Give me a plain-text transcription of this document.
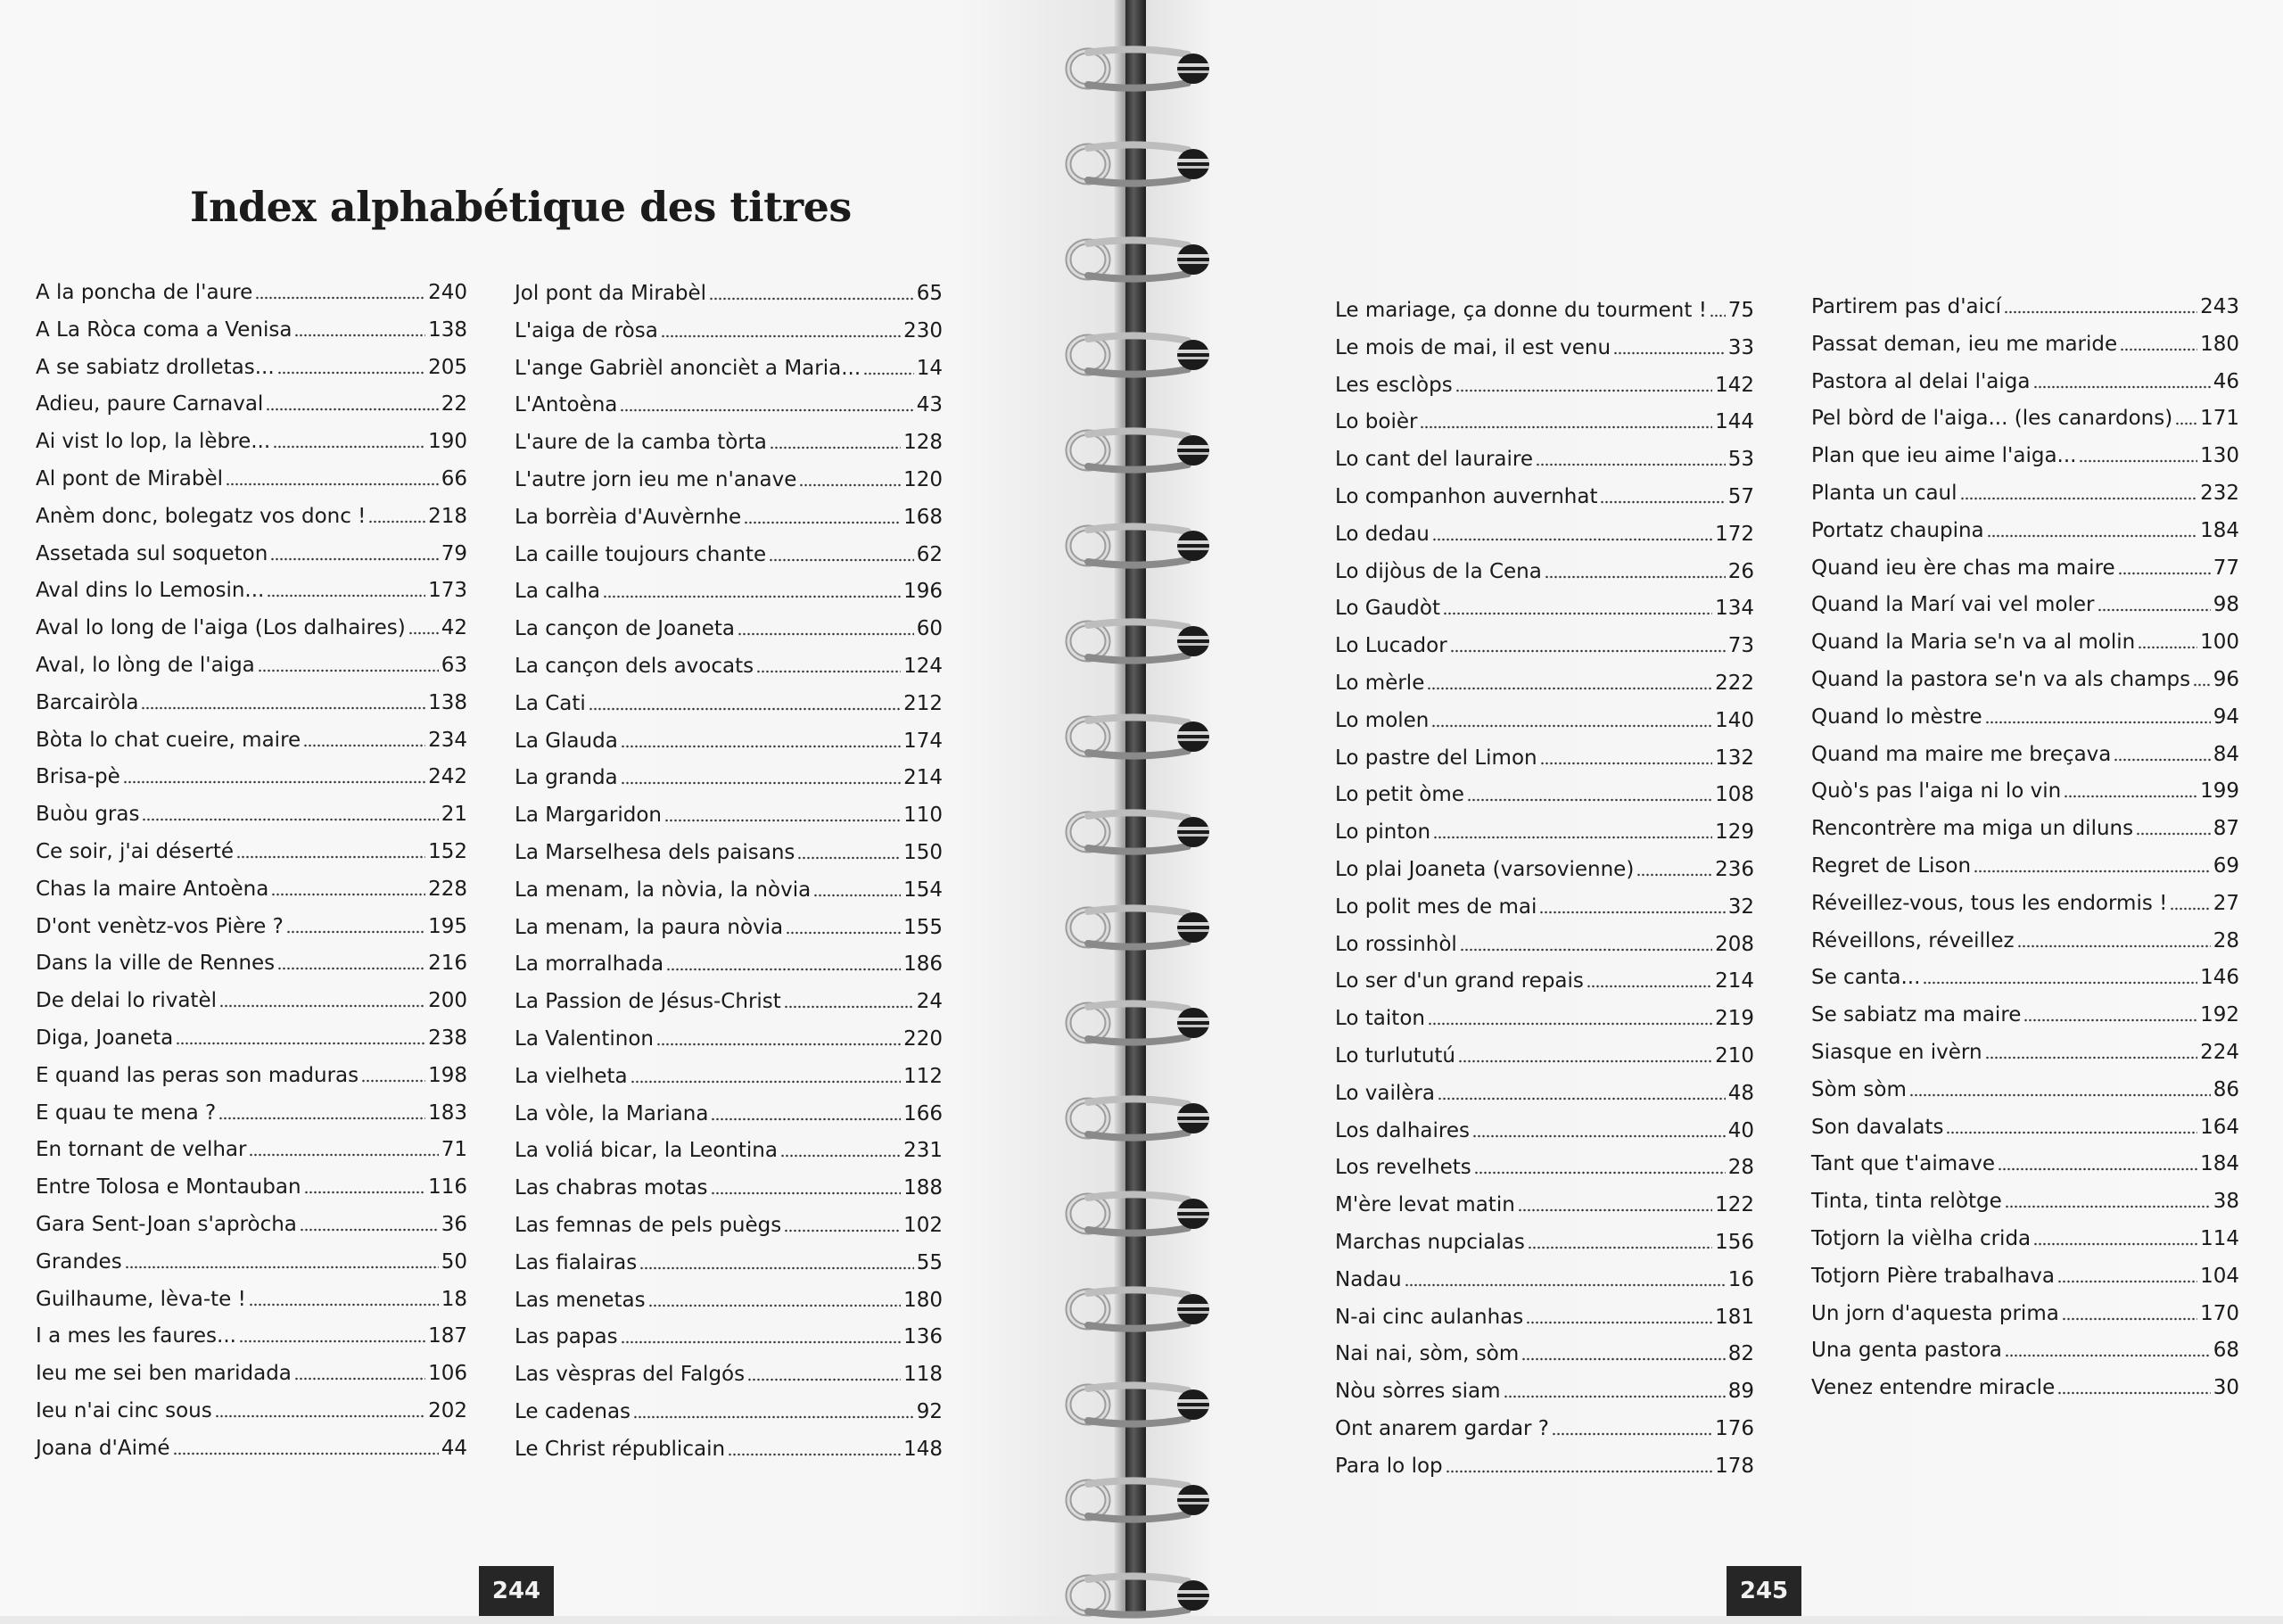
Index alphabétique des titres
A la poncha de l'aure	240
A La Ròca coma a Venisa	138
A se sabiatz drolletas...	205
Adieu, paure Carnaval	22
Ai vist lo lop, la lèbre...	190
Al pont de Mirabèl	66
Anèm donc, bolegatz vos donc !	218
Assetada sul soqueton	79
Aval dins lo Lemosin...	173
Aval lo long de l'aiga (Los dalhaires) 42
Aval, lo lòng de l'aiga	63
Barcairòla	138
Bòta lo chat cueire, maire	234
Brisa-pè	242
Buòu gras	21
Ce soir, j'ai déserté	152
Chas la maire Antoèna	228
D'ont venètz-vos Pière ?	195
Dans la ville de Rennes	216
De delai lo rivatèl	200
Diga, Joaneta	238
E quand las peras son maduras	198
E quau te mena ?	183
En tornant de velhar	71
Entre Tolosa e Montauban	116
Gara Sent-Joan s'apròcha	36
Grandes	50
Guilhaume, lèva-te !	18
I a mes les faures...	187
Ieu me sei ben maridada	106
Ieu n'ai cinc sous	202
Joana d'Aimé	44
Jol pont da Mirabèl	65
L'aiga de ròsa	230
L'ange Gabrièl anoncièt a Maria...	14
L'Antoèna	43
L'aure de la camba tòrta	128
L'autre jorn ieu me n'anave	120
La borrèia d'Auvèrnhe	168
La caille toujours chante	62
La calha	196
La cançon de Joaneta	60
La cançon dels avocats	124
La Cati	212
La Glauda	174
La granda	214
La Margaridon	110
La Marselhesa dels paisans	150
La menam, la nòvia, la nòvia	154
La menam, la paura nòvia	155
La morralhada	186
La Passion de Jésus-Christ	24
La Valentinon	220
La vielheta	112
La vòle, la Mariana	166
La voliá bicar, la Leontina	231
Las chabras motas	188
Las femnas de pels puègs	102
Las fialairas	55
Las menetas	180
Las papas	136
Las vèspras del Falgós	118
Le cadenas	92
Le Christ républicain	148
244
Le mariage, ça donne du tourment ! 75
Le mois de mai, il est venu	33
Les esclòps	142
Lo boièr	144
Lo cant del lauraire	53
Lo companhon auvernhat	57
Lo dedau	172
Lo dijòus de la Cena	26
Lo Gaudòt	134
Lo Lucador	73
Lo mèrle	222
Lo molen	140
Lo pastre del Limon	132
Lo petit òme	108
Lo pinton	129
Lo plai Joaneta (varsovienne)	236
Lo polit mes de mai	32
Lo rossinhòl	208
Lo ser d'un grand repais	214
Lo taiton	219
Lo turlututú	210
Lo vailèra	48
Los dalhaires	40
Los revelhets	28
M'ère levat matin	122
Marchas nupcialas	156
Nadau	16
N-ai cinc aulanhas	181
Nai nai, sòm, sòm	82
Nòu sòrres siam	89
Ont anarem gardar ?	176
Para lo lop	178
Partirem pas d'aicí	243
Passat deman, ieu me maride	180
Pastora al delai l'aiga	46
Pel bòrd de l'aiga... (les canardons) 171
Plan que ieu aime l'aiga...	130
Planta un caul	232
Portatz chaupina	184
Quand ieu ère chas ma maire	77
Quand la Marí vai vel moler	98
Quand la Maria se'n va al molin	100
Quand la pastora se'n va als champs 96
Quand lo mèstre	94
Quand ma maire me breçava	84
Quò's pas l'aiga ni lo vin	199
Rencontrère ma miga un diluns	87
Regret de Lison	69
Réveillez-vous, tous les endormis ! 27
Réveillons, réveillez	28
Se canta...	146
Se sabiatz ma maire	192
Siasque en ivèrn	224
Sòm sòm	86
Son davalats	164
Tant que t'aimave	184
Tinta, tinta relòtge	38
Totjorn la vièlha crida	114
Totjorn Pière trabalhava	104
Un jorn d'aquesta prima	170
Una genta pastora	68
Venez entendre miracle	30
245
